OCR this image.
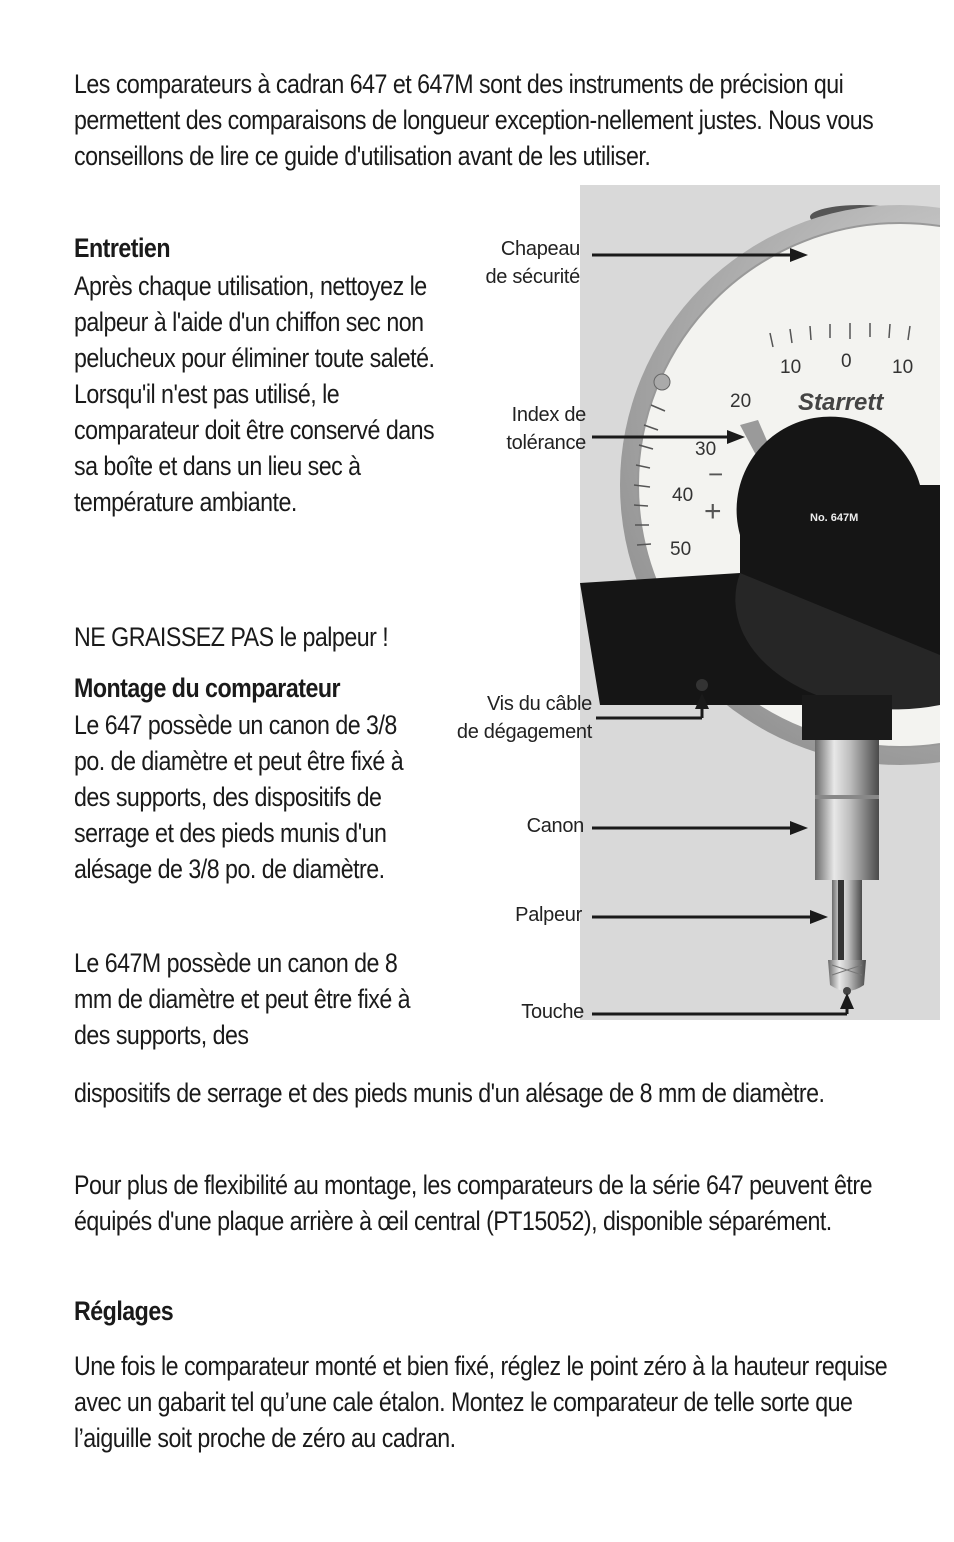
Les comparateurs à cadran 647 et 647M sont des instruments de précision qui permettent des comparaisons de longueur exception-nellement justes. Nous vous conseillons de lire ce guide d'utilisation avant de les utiliser.
Entretien
Après chaque utilisation, nettoyez le palpeur à l'aide d'un chiffon sec non pelucheux pour éliminer toute saleté. Lorsqu'il n'est pas utilisé, le comparateur doit être conservé dans sa boîte et dans un lieu sec à température ambiante.
NE GRAISSEZ PAS le palpeur !
Montage du comparateur
Le 647 possède un canon de 3/8 po. de diamètre et peut être fixé à des supports, des dispositifs de serrage et des pieds munis d'un alésage de 3/8 po. de diamètre.
Le 647M possède un canon de 8 mm de diamètre et peut être fixé à des supports, des
dispositifs de serrage et des pieds munis d'un alésage de 8 mm de diamètre.
Pour plus de flexibilité au montage, les comparateurs de la série 647 peuvent être équipés d'une plaque arrière à œil central (PT15052), disponible séparément.
Réglages
Une fois le comparateur monté et bien fixé, réglez le point zéro à la hauteur requise avec un gabarit tel qu’une cale étalon. Montez le comparateur de telle sorte que l’aiguille soit proche de zéro au cadran.
10 0 10
20
30
40
50
−
+
Starrett
No. 647M
Chapeau
de sécurité
Index de
tolérance
Vis du câble
de dégagement
Canon
Palpeur
Touche
